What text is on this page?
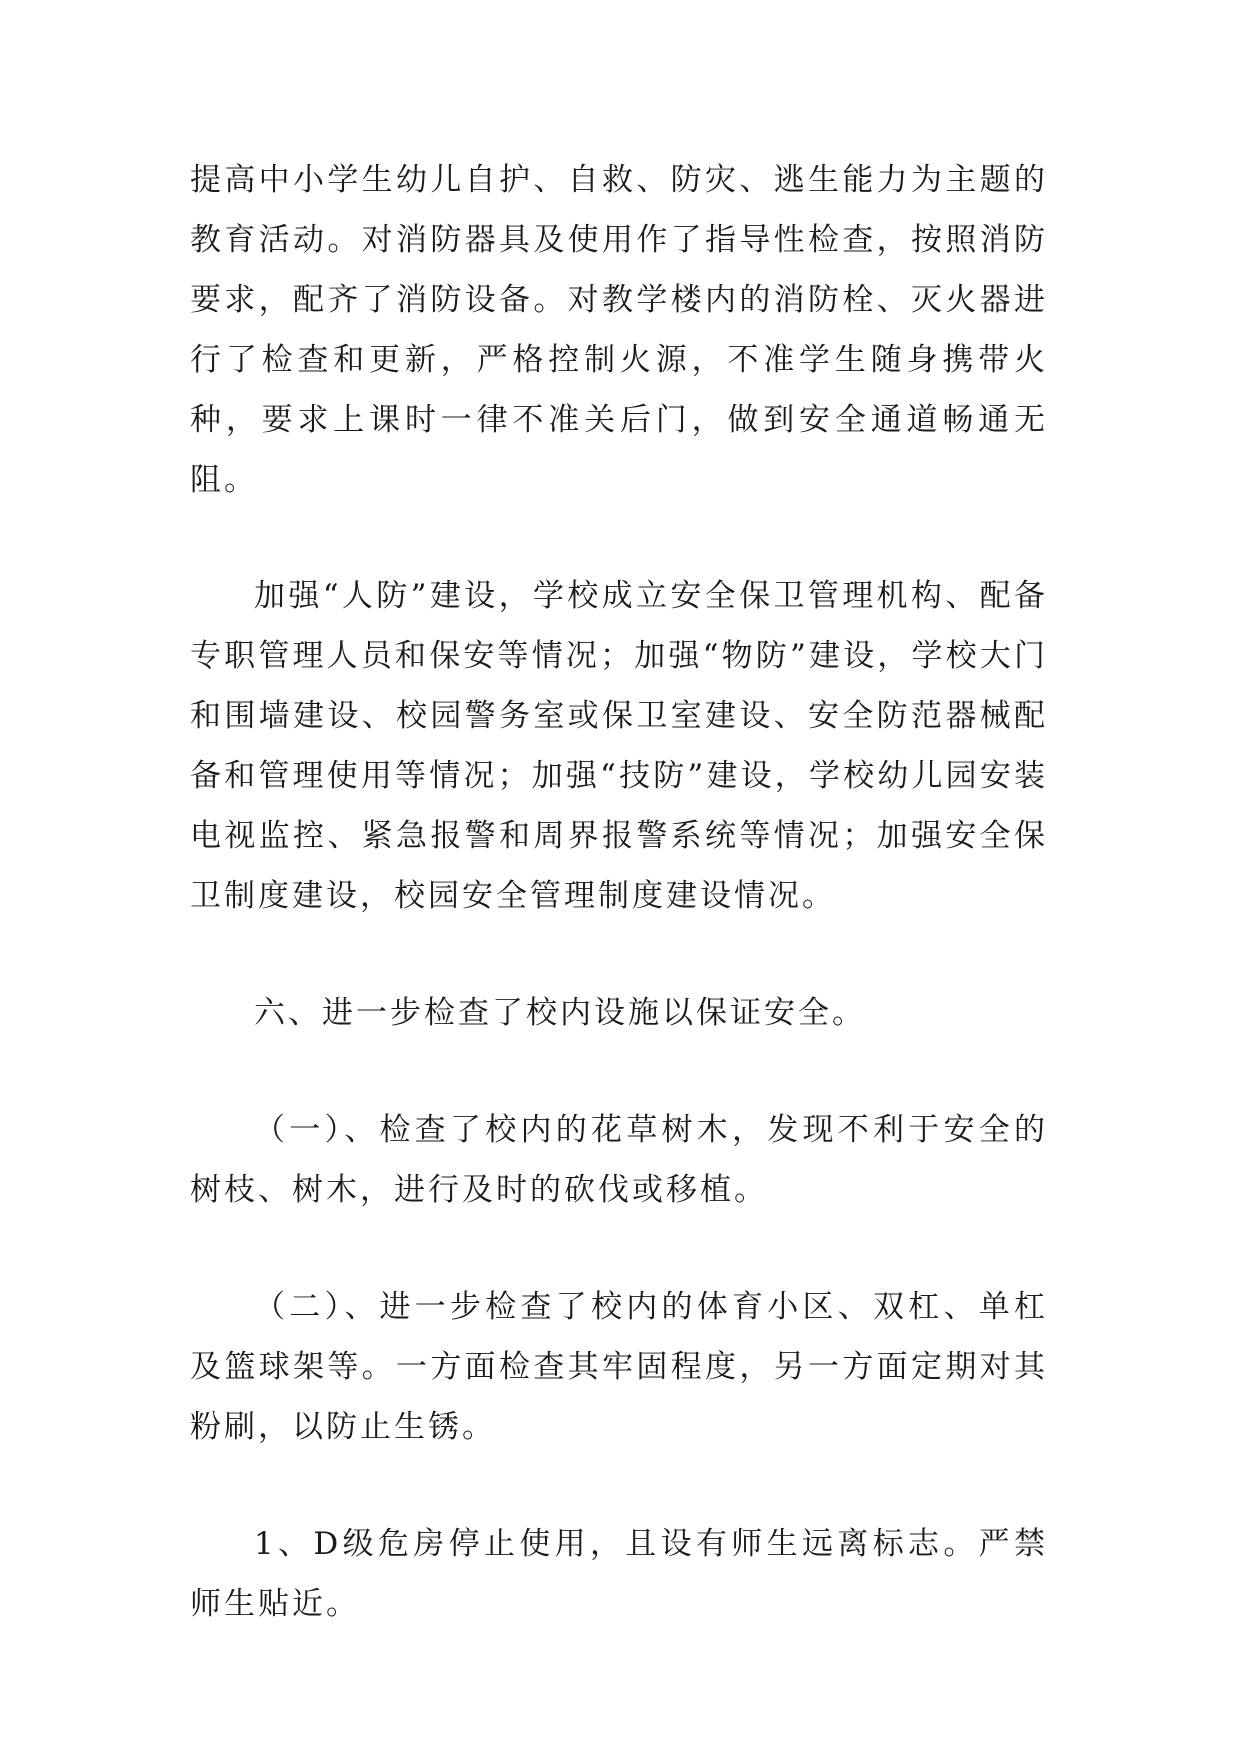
提高中小学生幼儿自护、自救、防灾、逃生能力为主题的教育活动。对消防器具及使用作了指导性检查，按照消防要求，配齐了消防设备。对教学楼内的消防栓、灭火器进行了检查和更新，严格控制火源，不准学生随身携带火种，要求上课时一律不准关后门，做到安全通道畅通无阻。

加强“人防”建设，学校成立安全保卫管理机构、配备专职管理人员和保安等情况；加强“物防”建设，学校大门和围墙建设、校园警务室或保卫室建设、安全防范器械配备和管理使用等情况；加强“技防”建设，学校幼儿园安装电视监控、紧急报警和周界报警系统等情况；加强安全保卫制度建设，校园安全管理制度建设情况。

六、进一步检查了校内设施以保证安全。

（一）、检查了校内的花草树木，发现不利于安全的树枝、树木，进行及时的砍伐或移植。

（二）、进一步检查了校内的体育小区、双杠、单杠及篮球架等。一方面检查其牢固程度，另一方面定期对其粉刷，以防止生锈。

1、D级危房停止使用，且设有师生远离标志。严禁师生贴近。
